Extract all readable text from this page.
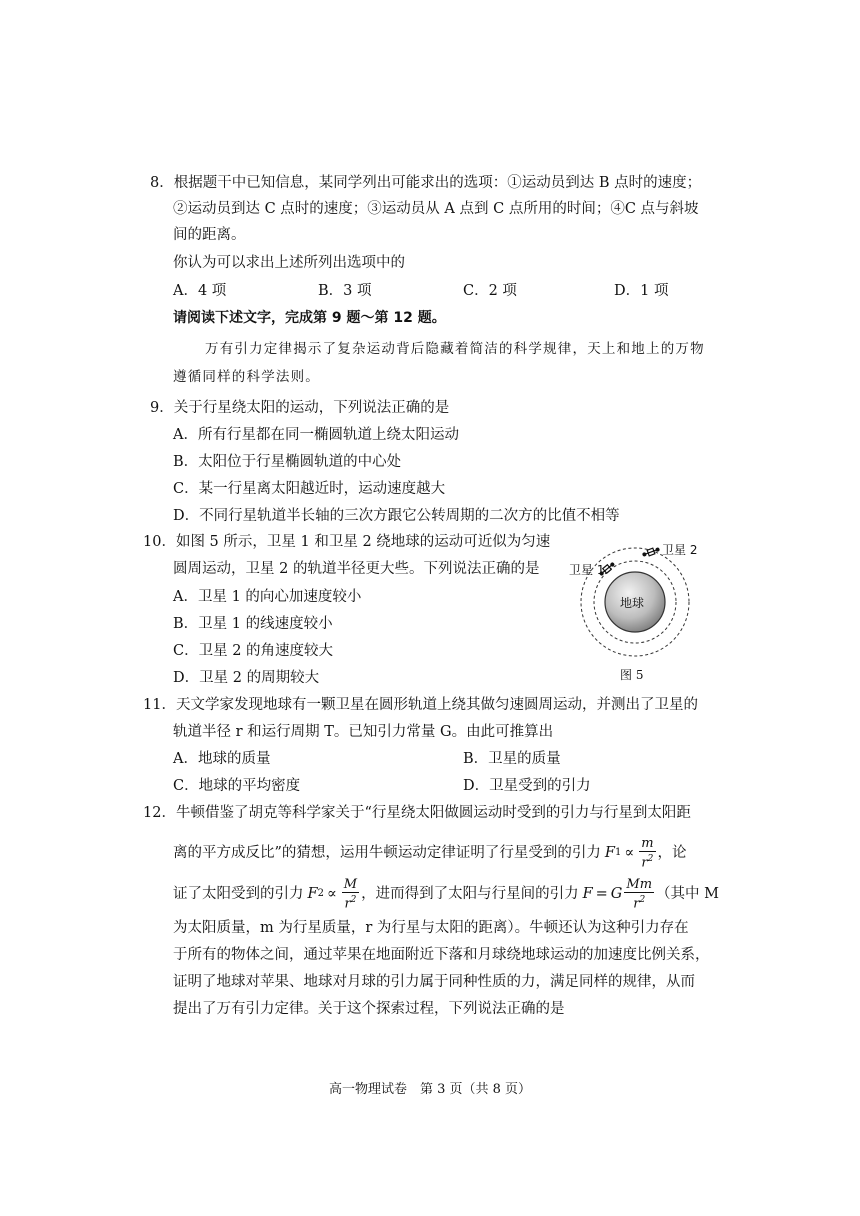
8．根据题干中已知信息，某同学列出可能求出的选项：①运动员到达 B 点时的速度；
②运动员到达 C 点时的速度；③运动员从 A 点到 C 点所用的时间；④C 点与斜坡
间的距离。
你认为可以求出上述所列出选项中的
A．4 项	B．3 项	C．2 项	D．1 项
请阅读下述文字，完成第 9 题～第 12 题。
万有引力定律揭示了复杂运动背后隐藏着简洁的科学规律，天上和地上的万物
遵循同样的科学法则。
9．关于行星绕太阳的运动，下列说法正确的是
A．所有行星都在同一椭圆轨道上绕太阳运动
B．太阳位于行星椭圆轨道的中心处
C．某一行星离太阳越近时，运动速度越大
D．不同行星轨道半长轴的三次方跟它公转周期的二次方的比值不相等
10．如图 5 所示，卫星 1 和卫星 2 绕地球的运动可近似为匀速
圆周运动，卫星 2 的轨道半径更大些。下列说法正确的是
A．卫星 1 的向心加速度较小
B．卫星 1 的线速度较小
C．卫星 2 的角速度较大
D．卫星 2 的周期较大
地球
卫星 1
卫星 2
图 5
11．天文学家发现地球有一颗卫星在圆形轨道上绕其做匀速圆周运动，并测出了卫星的
轨道半径 r 和运行周期 T。已知引力常量 G。由此可推算出
A．地球的质量	B．卫星的质量
C．地球的平均密度	D．卫星受到的引力
12．牛顿借鉴了胡克等科学家关于“行星绕太阳做圆运动时受到的引力与行星到太阳距
离的平方成反比”的猜想，运用牛顿运动定律证明了行星受到的引力 F $1 \propto \frac{m}{r^2}$ ，论
证了太阳受到的引力 F $2 \propto \frac{M}{r^2}$ ，进而得到了太阳与行星间的引力 F = G $\frac{Mm}{r^2}$ （其中 M
为太阳质量，m 为行星质量，r 为行星与太阳的距离）。牛顿还认为这种引力存在
于所有的物体之间，通过苹果在地面附近下落和月球绕地球运动的加速度比例关系，
证明了地球对苹果、地球对月球的引力属于同种性质的力，满足同样的规律，从而
提出了万有引力定律。关于这个探索过程，下列说法正确的是
高一物理试卷　第 3 页（共 8 页）
